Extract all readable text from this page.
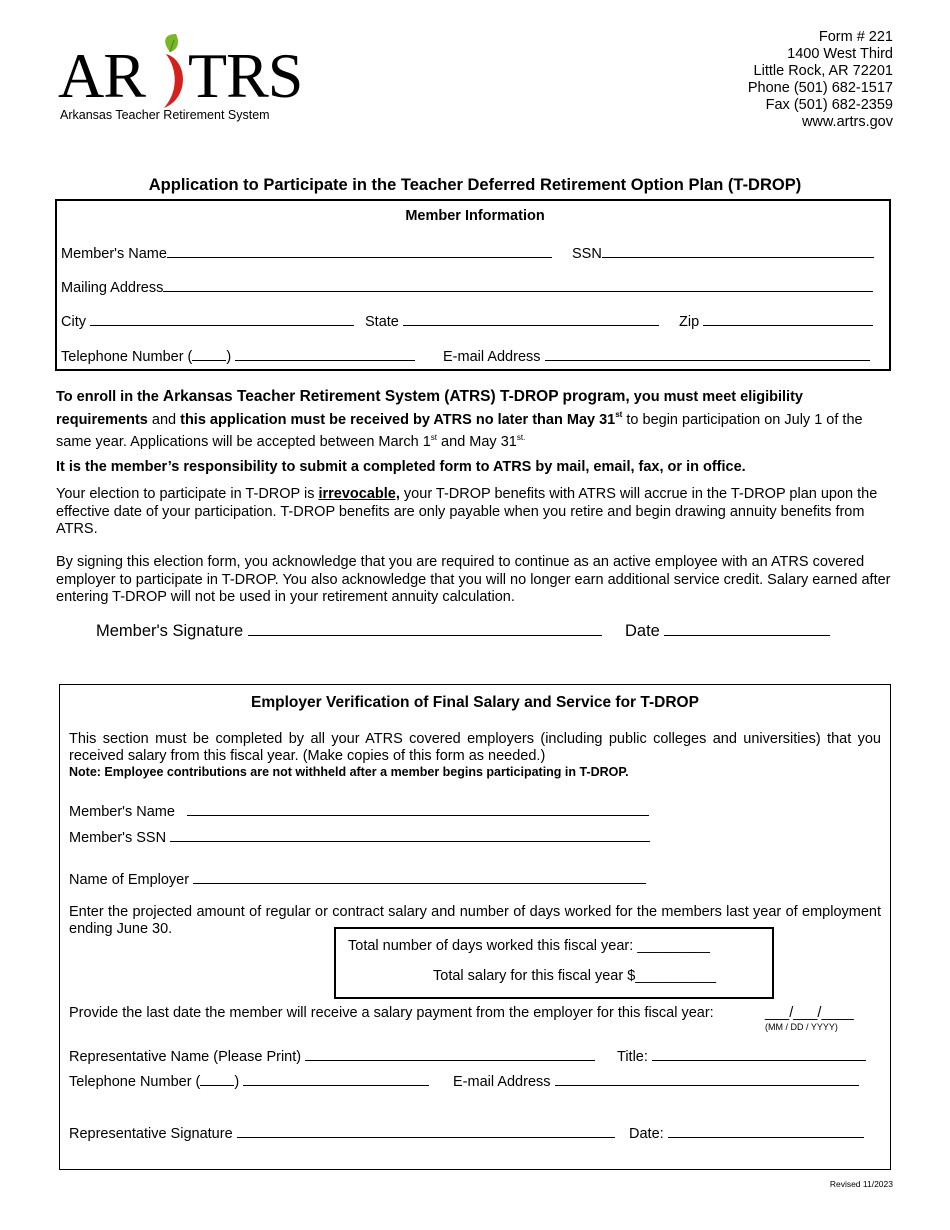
AR TRS
Arkansas Teacher Retirement System
Form # 221
1400 West Third
Little Rock, AR 72201
Phone (501) 682-1517
Fax (501) 682-2359
www.artrs.gov
Application to Participate in the Teacher Deferred Retirement Option Plan (T-DROP)
Member Information
Member's Name	SSN
Mailing Address
City	State	Zip
Telephone Number ( )	E-mail Address
To enroll in the Arkansas Teacher Retirement System (ATRS) T-DROP program, you must meet eligibility requirements and this application must be received by ATRS no later than May 31st to begin participation on July 1 of the same year. Applications will be accepted between March 1st and May $31^{st.}$
It is the member’s responsibility to submit a completed form to ATRS by mail, email, fax, or in office.
Your election to participate in T-DROP is irrevocable, your T-DROP benefits with ATRS will accrue in the T-DROP plan upon the effective date of your participation. T-DROP benefits are only payable when you retire and begin drawing annuity benefits from ATRS.
By signing this election form, you acknowledge that you are required to continue as an active employee with an ATRS covered employer to participate in T-DROP. You also acknowledge that you will no longer earn additional service credit. Salary earned after entering T-DROP will not be used in your retirement annuity calculation.
Member's Signature	Date
Employer Verification of Final Salary and Service for T-DROP
This section must be completed by all your ATRS covered employers (including public colleges and universities) that you received salary from this fiscal year. (Make copies of this form as needed.)
Note: Employee contributions are not withheld after a member begins participating in T-DROP.
Member's Name
Member's SSN
Name of Employer
Enter the projected amount of regular or contract salary and number of days worked for the members last year of employment ending June 30.
Total number of days worked this fiscal year: _________
Total salary for this fiscal year $__________
Provide the last date the member will receive a salary payment from the employer for this fiscal year:	___/___/____
(MM / DD / YYYY)
Representative Name (Please Print)	Title:
Telephone Number ( )	E-mail Address
Representative Signature	Date:
Revised 11/2023
